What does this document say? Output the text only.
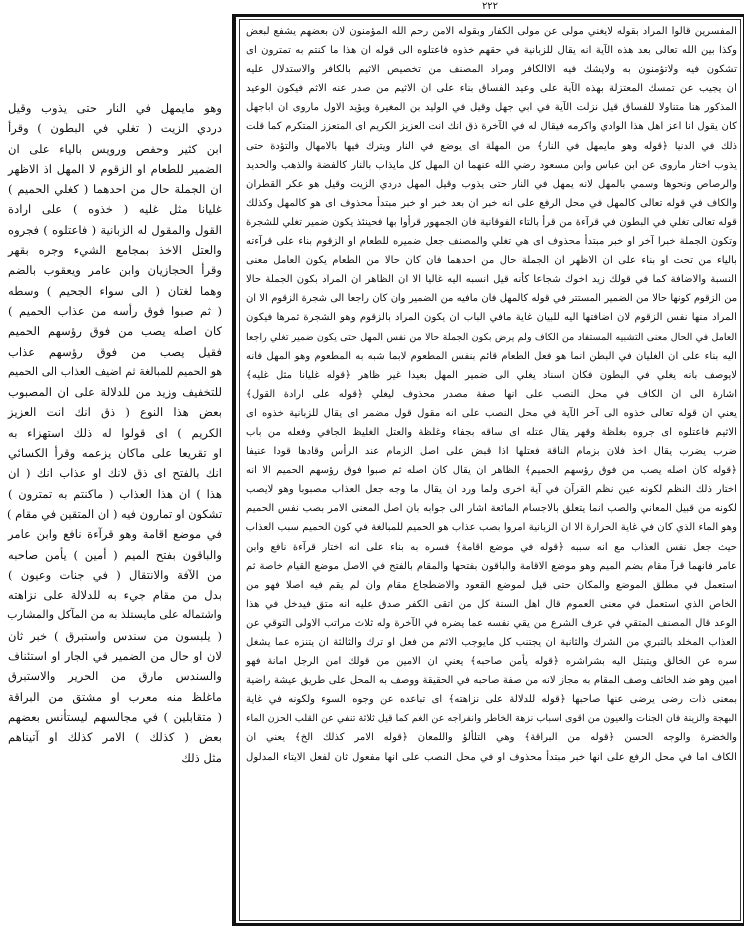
٢٢٢
المفسرين قالوا المراد بقوله لايغني مولى عن مولى الكفار وبقوله الامن رحم الله المؤمنون لان بعضهم يشفع لبعض
وكذا بين الله تعالى بعد هذه الآية انه يقال للزبانية في حقهم خذوه فاعتلوه الى قوله ان هذا ما كنتم به تمترون اى
تشكون فيه ولاتؤمنون به ولايشك فيه الاالكافر ومراد المصنف من تخصيص الاثيم بالكافر والاستدلال عليه
ان يجيب عن تمسك المعتزلة بهذه الآية على وعيد الفساق بناء على ان الاثيم من صدر عنه الاثم فيكون الوعيد
المذكور هنا متناولا للفساق قيل نزلت الآية في ابي جهل وقيل في الوليد بن المغيرة ويؤيد الاول ماروى ان اباجهل
كان يقول انا اعز اهل هذا الوادي واكرمه فيقال له في الآخرة ذق انك انت العزيز الكريم اى المتعزز المتكرم كما قلت
ذلك في الدنيا ﴿قوله وهو مايمهل في النار﴾ من المهلة اى يوضع في النار ويترك فيها بالامهال والتؤدة حتى
يذوب اختار ماروى عن ابن عباس وابن مسعود رضي الله عنهما ان المهل كل مايذاب بالنار كالفضة والذهب والحديد
والرصاص ونحوها وسمي بالمهل لانه يمهل في النار حتى يذوب وقيل المهل دردي الزيت وقيل هو عكر القطران
والكاف في قوله تعالى كالمهل في محل الرفع على انه خبر ان بعد خبر او خبر مبتدأ محذوف اى هو كالمهل وكذلك
قوله تعالى تغلي في البطون في قرآءة من قرأ بالتاء الفوقانية فان الجمهور قرأوا بها فحينئذ يكون ضمير تغلي للشجرة
وتكون الجملة خبرا آخر او خبر مبتدأ محذوف اى هي تغلي والمصنف جعل ضميره للطعام او الزقوم بناء على قرآءته
بالياء من تحت او بناء على ان الاظهر ان الجملة حال من احدهما فان كان حالا من الطعام يكون العامل معنى
النسبة والاضافة كما في قولك زيد اخوك شجاعا كأنه قيل انسبه اليه غاليا الا ان الظاهر ان المراد بكون الجملة حالا
من الزقوم كونها حالا من الضمير المستتر في قوله كالمهل فان مافيه من الضمير وان كان راجعا الى شجرة الزقوم الا ان
المراد منها نفس الزقوم لان اضافتها اليه للبيان غاية مافي الباب ان يكون المراد بالزقوم وهو الشجرة ثمرها فيكون
العامل في الحال معنى التشبيه المستفاد من الكاف ولم يرض بكون الجملة حالا من نفس المهل حتى يكون ضمير تغلي راجعا
اليه بناء على ان الغليان في البطن انما هو فعل الطعام قائم بنفس المطعوم لابما شبه به المطعوم وهو المهل فانه
لايوصف بانه يغلي في البطون فكان اسناد يغلي الى ضمير المهل بعيدا غير ظاهر ﴿قوله غليانا مثل غليه﴾
اشارة الى ان الكاف في محل النصب على انها صفة مصدر محذوف ليغلي ﴿قوله على ارادة القول﴾
يعني ان قوله تعالى خذوه الى آخر الآية في محل النصب على انه مقول قول مضمر اى يقال للزبانية خذوه اى
الاثيم فاعتلوه اى جروه بغلظة وقهر يقال عتله اى ساقه بجفاء وغلظة والعتل الغليظ الجافي وفعله من باب
ضرب يضرب يقال اخذ فلان بزمام الناقة فعتلها اذا قبض على اصل الزمام عند الرأس وقادها قودا عنيفا
﴿قوله كان اصله يصب من فوق رؤسهم الحميم﴾ الظاهر ان يقال كان اصله ثم صبوا فوق رؤسهم الحميم الا انه
اختار ذلك النظم لكونه عين نظم القرآن في آية اخرى ولما ورد ان يقال ما وجه جعل العذاب مصبوبا وهو لايصب
لكونه من قبيل المعاني والصب انما يتعلق بالاجسام المائعة اشار الى جوابه بان اصل المعنى الامر بصب نفس الحميم
وهو الماء الذي كان في غاية الحرارة الا ان الزبانية امروا بصب عذاب هو الحميم للمبالغة في كون الحميم سبب العذاب
حيث جعل نفس العذاب مع انه سببه ﴿قوله في موضع اقامة﴾ فسره به بناء على انه اختار قرآءة نافع وابن
عامر فانهما قرآ مقام بضم الميم وهو موضع الاقامة والباقون بفتحها والمقام بالفتح في الاصل موضع القيام خاصة ثم
استعمل في مطلق الموضع والمكان حتى قيل لموضع القعود والاضطجاع مقام وان لم يقم فيه اصلا فهو من
الخاص الذي استعمل في معنى العموم قال اهل السنة كل من اتقى الكفر صدق عليه انه متق فيدخل في هذا
الوعد قال المصنف المتقي في عرف الشرع من يقي نفسه عما يضره في الآخرة وله ثلاث مراتب الاولى التوقي عن
العذاب المخلد بالتبري من الشرك والثانية ان يجتنب كل مايوجب الاثم من فعل او ترك والثالثة ان يتنزه عما يشغل
سره عن الخالق ويتبتل اليه بشراشره ﴿قوله يأمن صاحبه﴾ يعني ان الامين من قولك امن الرجل امانة فهو
امين وهو ضد الخائف وصف المقام به مجاز لانه من صفة صاحبه في الحقيقة ووصف به المحل على طريق عيشة راضية
بمعنى ذات رضى يرضى عنها صاحبها ﴿قوله للدلالة على نزاهته﴾ اى تباعده عن وجوه السوء ولكونه في غاية
البهجة والزينة فان الجنات والعيون من اقوى اسباب نزهة الخاطر وانفراجه عن الغم كما قيل ثلاثة تنفي عن القلب الحزن الماء
والخضرة والوجه الحسن ﴿قوله من البراقة﴾ وهي التلألؤ واللمعان ﴿قوله الامر كذلك الخ﴾ يعني ان
الكاف اما في محل الرفع على انها خبر مبتدأ محذوف او في محل النصب على انها مفعول ثان لفعل الايتاء المدلول
وهو مايمهل في النار حتى يذوب وقيل
دردي الزيت ( تغلي في البطون ) وقرأ
ابن كثير وحفص ورويس بالياء على ان
الضمير للطعام او الزقوم لا المهل اذ الاظهر
ان الجملة حال من احدهما ( كغلي الحميم )
غليانا مثل غليه ( خذوه ) على ارادة
القول والمقول له الزبانية ( فاعتلوه ) فجروه
والعتل الاخذ بمجامع الشيء وجره بقهر
وقرأ الحجازيان وابن عامر ويعقوب بالضم
وهما لغتان ( الى سواء الجحيم ) وسطه
( ثم صبوا فوق رأسه من عذاب الحميم )
كان اصله يصب من فوق رؤسهم الحميم
فقيل يصب من فوق رؤسهم عذاب
هو الحميم للمبالغة ثم اضيف العذاب الى الحميم
للتخفيف وزيد من للدلالة على ان المصبوب
بعض هذا النوع ( ذق انك انت العزيز
الكريم ) اى قولوا له ذلك استهزاء به
او تقريعا على ماكان يزعمه وقرأ الكسائي
انك بالفتح اى ذق لانك او عذاب انك ( ان
هذا ) ان هذا العذاب ( ماكنتم به تمترون )
تشكون او تمارون فيه ( ان المتقين في مقام )
في موضع اقامة وهو قرآءة نافع وابن عامر
والباقون بفتح الميم ( أمين ) يأمن صاحبه
من الآفة والانتقال ( في جنات وعيون )
بدل من مقام جيء به للدلالة على نزاهته
واشتماله على مايستلذ به من المآكل والمشارب
( يلبسون من سندس واستبرق ) خبر ثان
لان او حال من الضمير في الجار او استئناف
والسندس مارق من الحرير والاستبرق
ماغلظ منه معرب او مشتق من البراقة
( متقابلين ) في مجالسهم ليستأنس بعضهم
بعض ( كذلك ) الامر كذلك او آتيناهم
مثل ذلك
